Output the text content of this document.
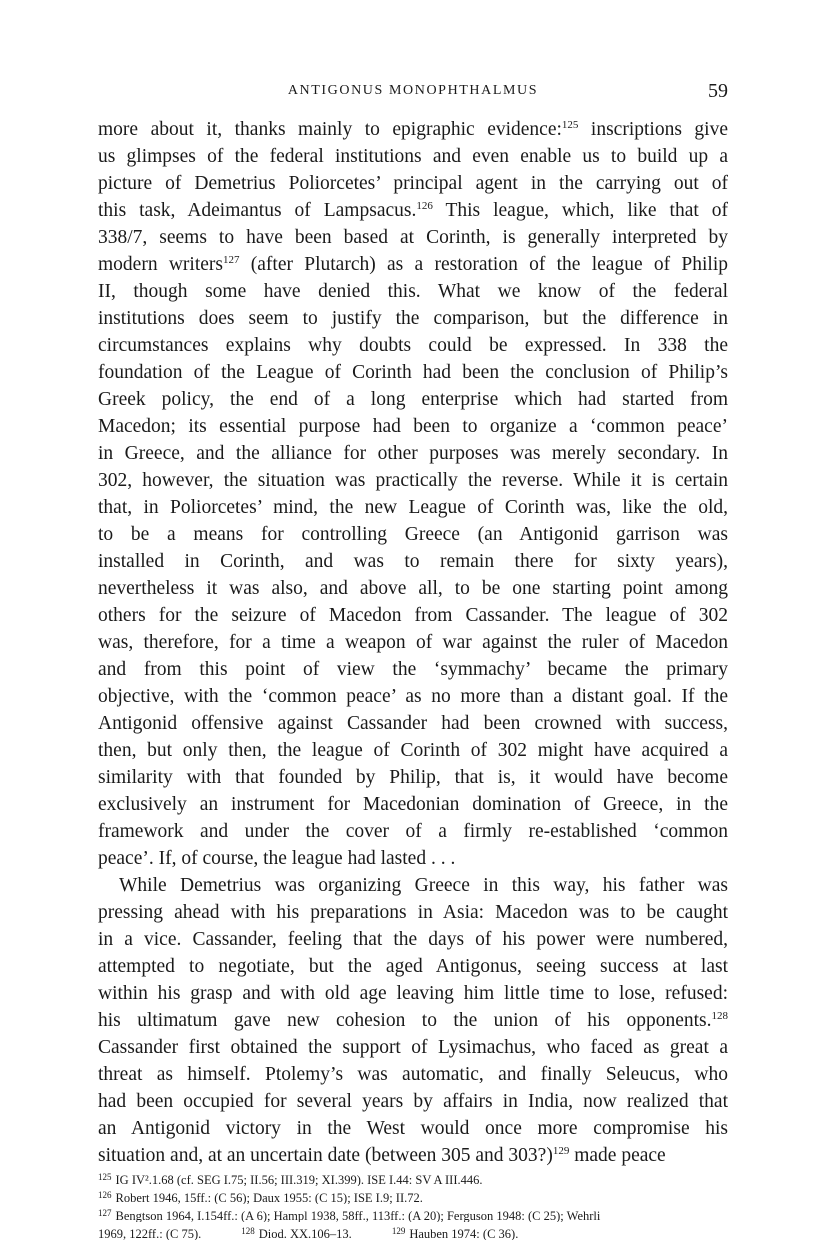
ANTIGONUS MONOPHTHALMUS	59
more about it, thanks mainly to epigraphic evidence:$^{125}$ inscriptions give
us glimpses of the federal institutions and even enable us to build up a
picture of Demetrius Poliorcetes’ principal agent in the carrying out of
this task, Adeimantus of Lampsacus.$^{126}$ This league, which, like that of
338/7, seems to have been based at Corinth, is generally interpreted by
modern writers$^{127}$ (after Plutarch) as a restoration of the league of Philip
II, though some have denied this. What we know of the federal
institutions does seem to justify the comparison, but the difference in
circumstances explains why doubts could be expressed. In 338 the
foundation of the League of Corinth had been the conclusion of Philip’s
Greek policy, the end of a long enterprise which had started from
Macedon; its essential purpose had been to organize a ‘common peace’
in Greece, and the alliance for other purposes was merely secondary. In
302, however, the situation was practically the reverse. While it is certain
that, in Poliorcetes’ mind, the new League of Corinth was, like the old,
to be a means for controlling Greece (an Antigonid garrison was
installed in Corinth, and was to remain there for sixty years),
nevertheless it was also, and above all, to be one starting point among
others for the seizure of Macedon from Cassander. The league of 302
was, therefore, for a time a weapon of war against the ruler of Macedon
and from this point of view the ‘symmachy’ became the primary
objective, with the ‘common peace’ as no more than a distant goal. If the
Antigonid offensive against Cassander had been crowned with success,
then, but only then, the league of Corinth of 302 might have acquired a
similarity with that founded by Philip, that is, it would have become
exclusively an instrument for Macedonian domination of Greece, in the
framework and under the cover of a firmly re-established ‘common
peace’. If, of course, the league had lasted . . .
While Demetrius was organizing Greece in this way, his father was
pressing ahead with his preparations in Asia: Macedon was to be caught
in a vice. Cassander, feeling that the days of his power were numbered,
attempted to negotiate, but the aged Antigonus, seeing success at last
within his grasp and with old age leaving him little time to lose, refused:
his ultimatum gave new cohesion to the union of his opponents.$^{128}$
Cassander first obtained the support of Lysimachus, who faced as great a
threat as himself. Ptolemy’s was automatic, and finally Seleucus, who
had been occupied for several years by affairs in India, now realized that
an Antigonid victory in the West would once more compromise his
situation and, at an uncertain date (between 305 and 303?)$^{129}$ made peace
$^{125}$ IG IV².1.68 (cf. SEG I.75; II.56; III.319; XI.399). ISE I.44: SV A III.446.
$^{126}$ Robert 1946, 15ff.: (C 56); Daux 1955: (C 15); ISE I.9; II.72.
$^{127}$ Bengtson 1964, I.154ff.: (A 6); Hampl 1938, 58ff., 113ff.: (A 20); Ferguson 1948: (C 25); Wehrli
1969, 122ff.: (C 75).	$^{128}$ Diod. XX.106–13.	$^{129}$ Hauben 1974: (C 36).
